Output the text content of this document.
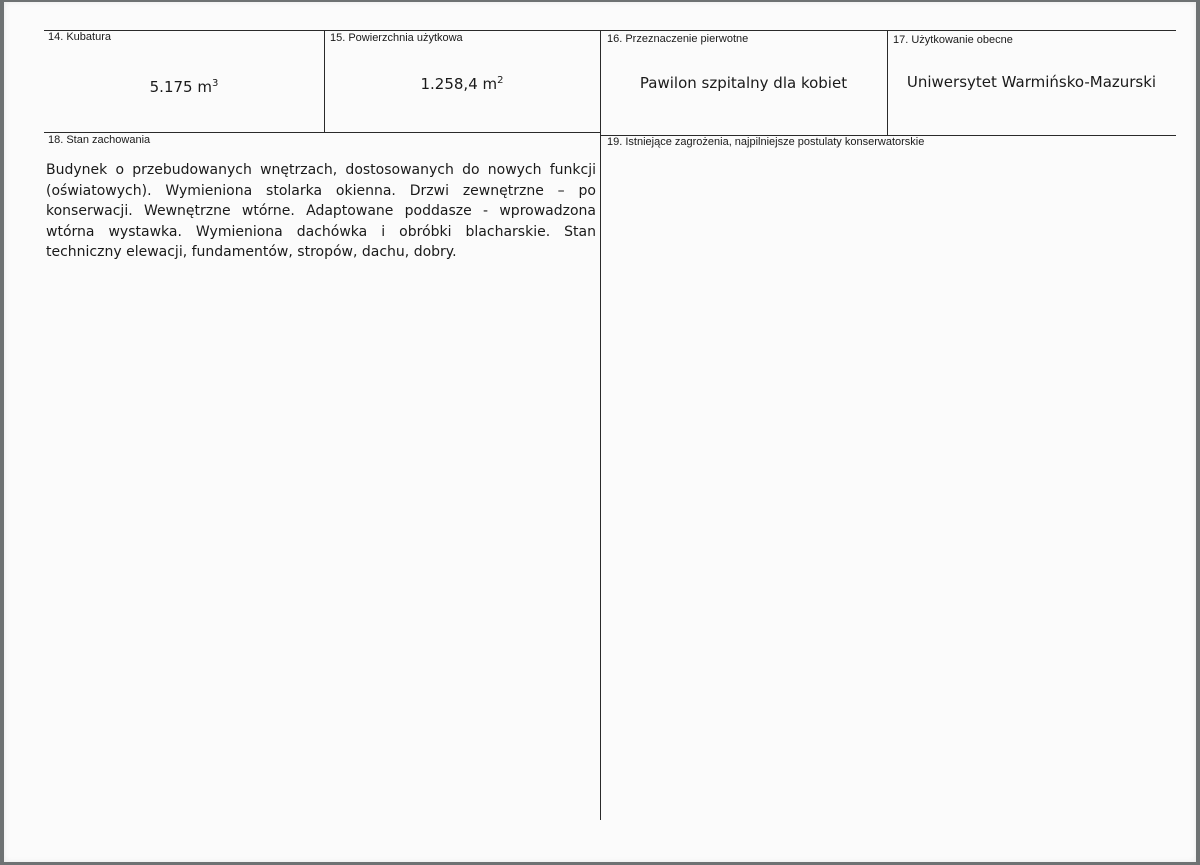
14. Kubatura
5.175 $m^3$
15. Powierzchnia użytkowa
1.258,4 $m^2$
16. Przeznaczenie pierwotne
Pawilon szpitalny dla kobiet
17. Użytkowanie obecne
Uniwersytet Warmińsko-Mazurski
18. Stan zachowania
Budynek o przebudowanych wnętrzach, dostosowanych do nowych funkcji (oświatowych). Wymieniona stolarka okienna. Drzwi zewnętrzne – po konserwacji. Wewnętrzne wtórne. Adaptowane poddasze - wprowadzona wtórna wystawka. Wymieniona dachówka i obróbki blacharskie. Stan techniczny elewacji, fundamentów, stropów, dachu, dobry.
19. Istniejące zagrożenia, najpilniejsze postulaty konserwatorskie
